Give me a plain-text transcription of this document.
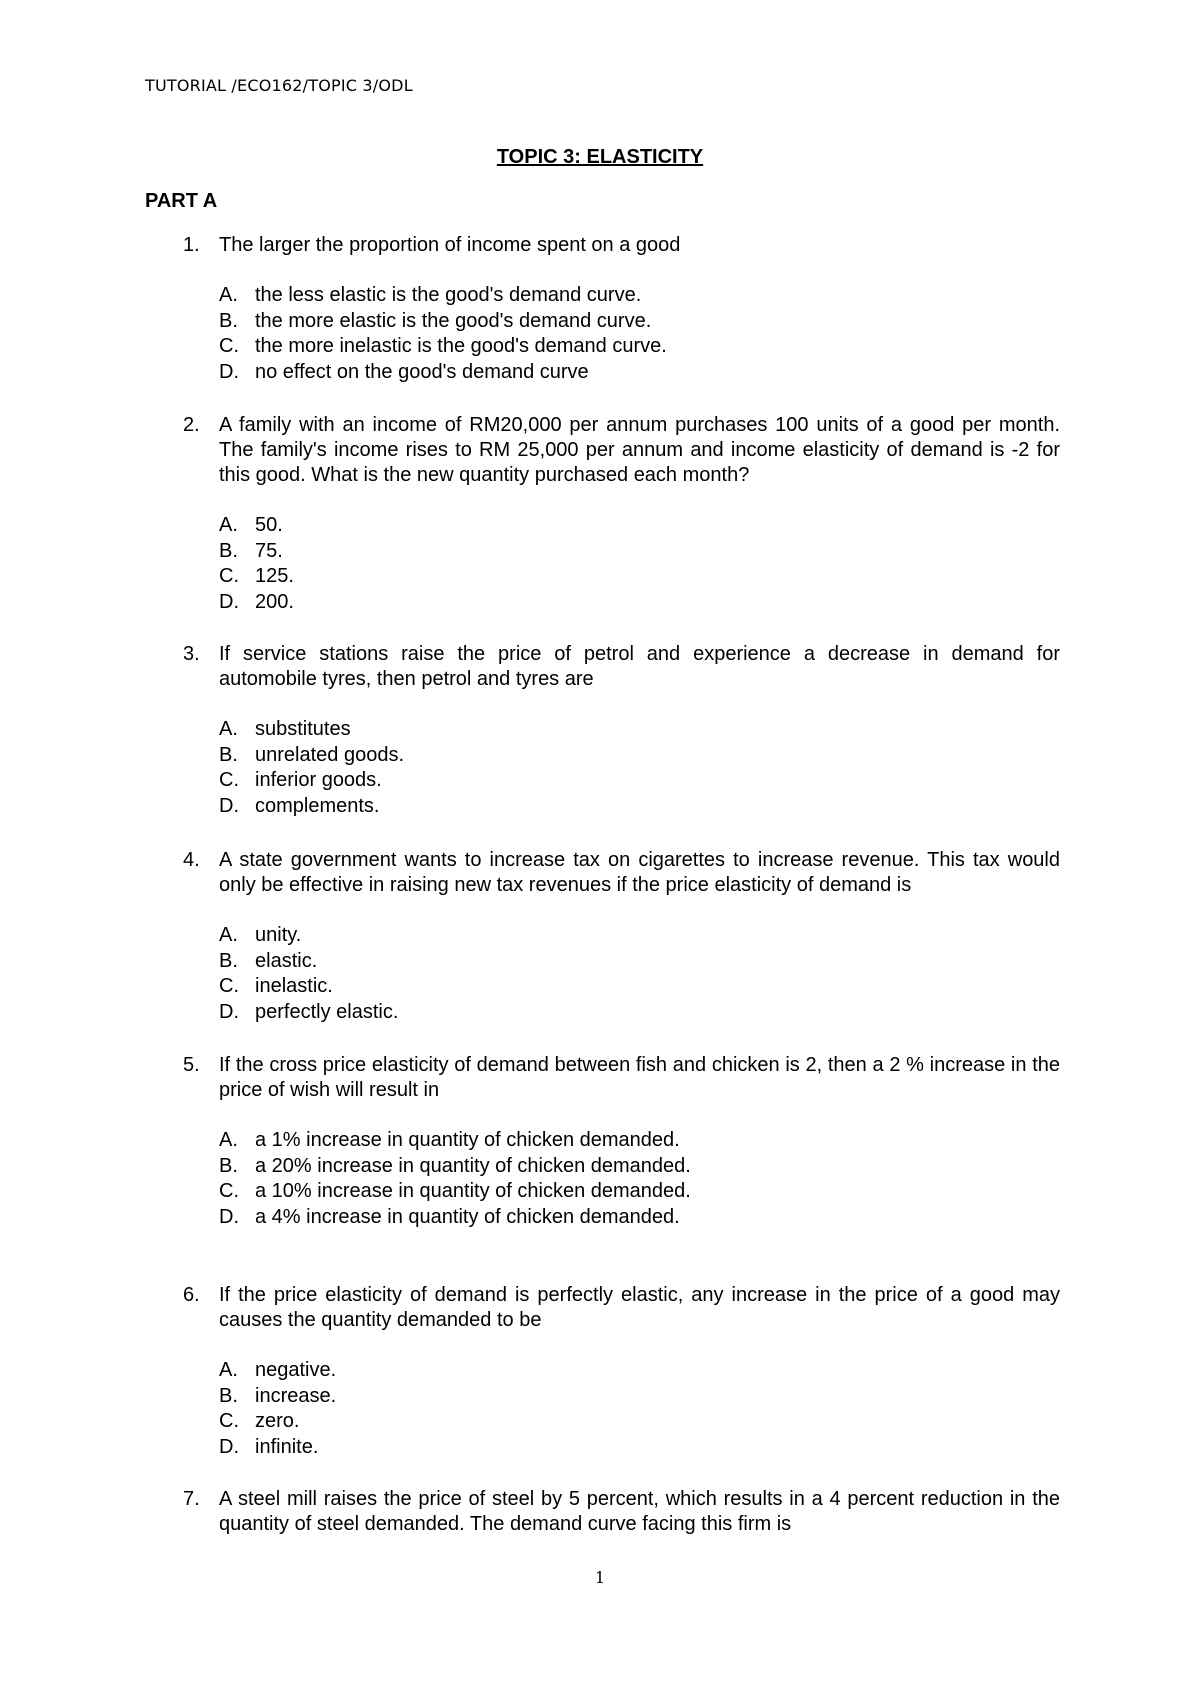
TUTORIAL /ECO162/TOPIC 3/ODL
TOPIC 3: ELASTICITY
PART A
1. The larger the proportion of income spent on a good
A. the less elastic is the good's demand curve.
B. the more elastic is the good's demand curve.
C. the more inelastic is the good's demand curve.
D. no effect on the good's demand curve
2. A family with an income of RM20,000 per annum purchases 100 units of a good per month. The family's income rises to RM 25,000 per annum and income elasticity of demand is -2 for this good. What is the new quantity purchased each month?
A. 50.
B. 75.
C. 125.
D. 200.
3. If service stations raise the price of petrol and experience a decrease in demand for automobile tyres, then petrol and tyres are
A. substitutes
B. unrelated goods.
C. inferior goods.
D. complements.
4. A state government wants to increase tax on cigarettes to increase revenue. This tax would only be effective in raising new tax revenues if the price elasticity of demand is
A. unity.
B. elastic.
C. inelastic.
D. perfectly elastic.
5. If the cross price elasticity of demand between fish and chicken is 2, then a 2 % increase in the price of wish will result in
A. a 1% increase in quantity of chicken demanded.
B. a 20% increase in quantity of chicken demanded.
C. a 10% increase in quantity of chicken demanded.
D. a 4% increase in quantity of chicken demanded.
6. If the price elasticity of demand is perfectly elastic, any increase in the price of a good may causes the quantity demanded to be
A. negative.
B. increase.
C. zero.
D. infinite.
7. A steel mill raises the price of steel by 5 percent, which results in a 4 percent reduction in the quantity of steel demanded. The demand curve facing this firm is
1
